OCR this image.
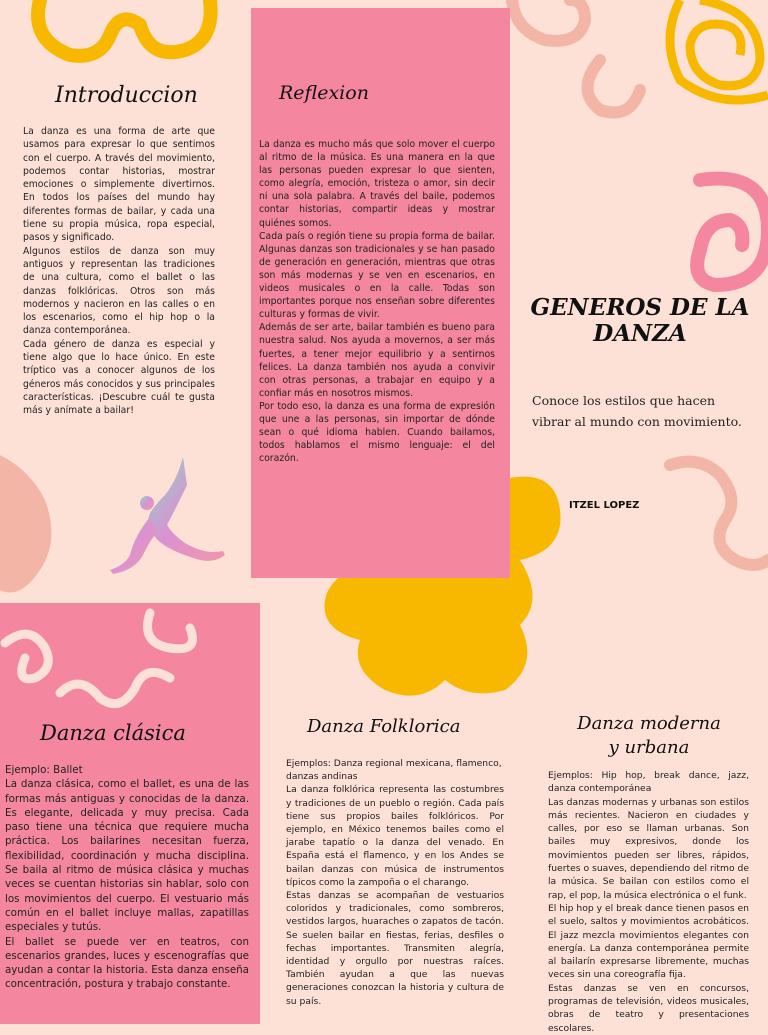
Introduccion

La danza es una forma de arte que usamos para expresar lo que sentimos con el cuerpo. A través del movimiento, podemos contar historias, mostrar emociones o simplemente divertirnos. En todos los países del mundo hay diferentes formas de bailar, y cada una tiene su propia música, ropa especial, pasos y significado.

Algunos estilos de danza son muy antiguos y representan las tradiciones de una cultura, como el ballet o las danzas folklóricas. Otros son más modernos y nacieron en las calles o en los escenarios, como el hip hop o la danza contemporánea.

Cada género de danza es especial y tiene algo que lo hace único. En este tríptico vas a conocer algunos de los géneros más conocidos y sus principales características. ¡Descubre cuál te gusta más y anímate a bailar!

Reflexion

La danza es mucho más que solo mover el cuerpo al ritmo de la música. Es una manera en la que las personas pueden expresar lo que sienten, como alegría, emoción, tristeza o amor, sin decir ni una sola palabra. A través del baile, podemos contar historias, compartir ideas y mostrar quiénes somos.

Cada país o región tiene su propia forma de bailar. Algunas danzas son tradicionales y se han pasado de generación en generación, mientras que otras son más modernas y se ven en escenarios, en videos musicales o en la calle. Todas son importantes porque nos enseñan sobre diferentes culturas y formas de vivir.

Además de ser arte, bailar también es bueno para nuestra salud. Nos ayuda a movernos, a ser más fuertes, a tener mejor equilibrio y a sentirnos felices. La danza también nos ayuda a convivir con otras personas, a trabajar en equipo y a confiar más en nosotros mismos.

Por todo eso, la danza es una forma de expresión que une a las personas, sin importar de dónde sean o qué idioma hablen. Cuando bailamos, todos hablamos el mismo lenguaje: el del corazón.

GENEROS DE LA
DANZA

Conoce los estilos que hacen vibrar al mundo con movimiento.

ITZEL LOPEZ

Danza clásica

Ejemplo: Ballet

La danza clásica, como el ballet, es una de las formas más antiguas y conocidas de la danza. Es elegante, delicada y muy precisa. Cada paso tiene una técnica que requiere mucha práctica. Los bailarines necesitan fuerza, flexibilidad, coordinación y mucha disciplina. Se baila al ritmo de música clásica y muchas veces se cuentan historias sin hablar, solo con los movimientos del cuerpo. El vestuario más común en el ballet incluye mallas, zapatillas especiales y tutús.

El ballet se puede ver en teatros, con escenarios grandes, luces y escenografías que ayudan a contar la historia. Esta danza enseña concentración, postura y trabajo constante.

Danza Folklorica

Ejemplos: Danza regional mexicana, flamenco, danzas andinas

La danza folklórica representa las costumbres y tradiciones de un pueblo o región. Cada país tiene sus propios bailes folklóricos. Por ejemplo, en México tenemos bailes como el jarabe tapatío o la danza del venado. En España está el flamenco, y en los Andes se bailan danzas con música de instrumentos típicos como la zampoña o el charango.

Estas danzas se acompañan de vestuarios coloridos y tradicionales, como sombreros, vestidos largos, huaraches o zapatos de tacón. Se suelen bailar en fiestas, ferias, desfiles o fechas importantes. Transmiten alegría, identidad y orgullo por nuestras raíces. También ayudan a que las nuevas generaciones conozcan la historia y cultura de su país.

Danza moderna
y urbana

Ejemplos: Hip hop, break dance, jazz, danza contemporánea

Las danzas modernas y urbanas son estilos más recientes. Nacieron en ciudades y calles, por eso se llaman urbanas. Son bailes muy expresivos, donde los movimientos pueden ser libres, rápidos, fuertes o suaves, dependiendo del ritmo de la música. Se bailan con estilos como el rap, el pop, la música electrónica o el funk.

El hip hop y el break dance tienen pasos en el suelo, saltos y movimientos acrobáticos. El jazz mezcla movimientos elegantes con energía. La danza contemporánea permite al bailarín expresarse libremente, muchas veces sin una coreografía fija.

Estas danzas se ven en concursos, programas de televisión, videos musicales, obras de teatro y presentaciones escolares.
